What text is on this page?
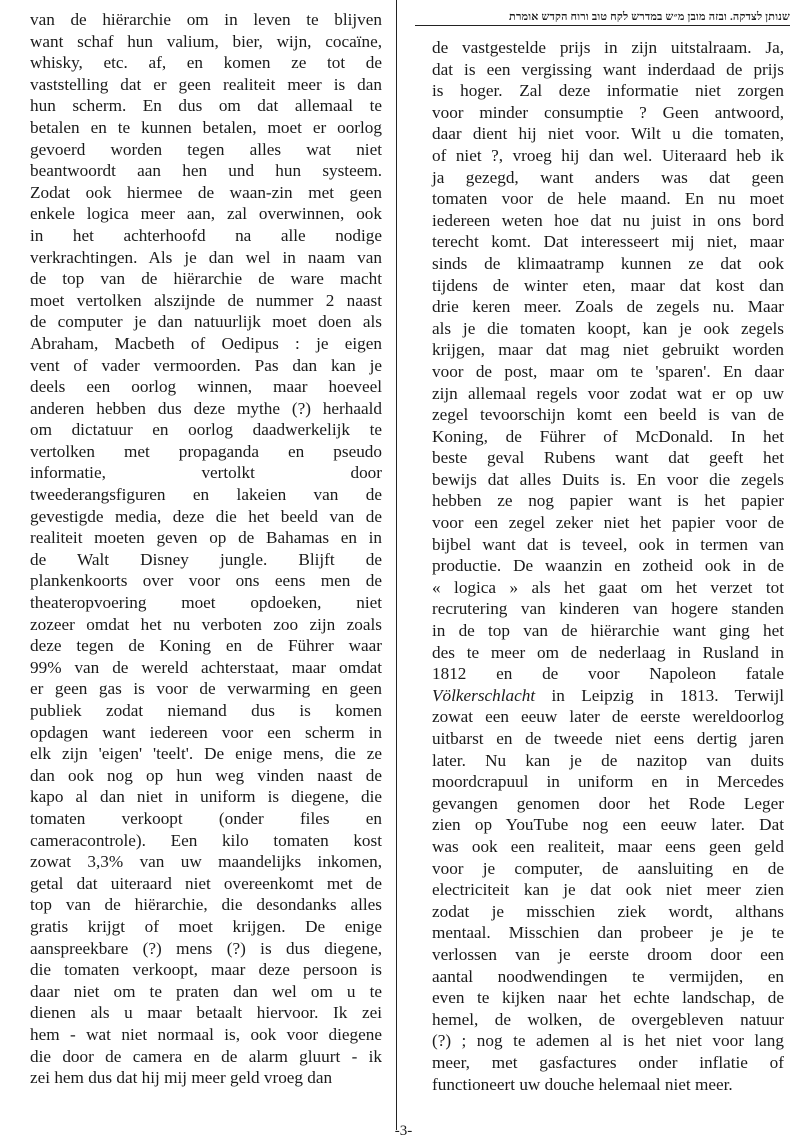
שנותן לצדקה. ובזה מובן מ״ש במדרש לקח טוב ורוח הקדש אומרת
van de hiërarchie om in leven te blijven
want schaf hun valium, bier, wijn, cocaïne,
whisky, etc. af, en komen ze tot de
vaststelling dat er geen realiteit meer is dan
hun scherm. En dus om dat allemaal te
betalen en te kunnen betalen, moet er oorlog
gevoerd worden tegen alles wat niet
beantwoordt aan hen und hun systeem.
Zodat ook hiermee de waan-zin met geen
enkele logica meer aan, zal overwinnen, ook
in het achterhoofd na alle nodige
verkrachtingen. Als je dan wel in naam van
de top van de hiërarchie de ware macht
moet vertolken alszijnde de nummer 2 naast
de computer je dan natuurlijk moet doen als
Abraham, Macbeth of Oedipus : je eigen
vent of vader vermoorden. Pas dan kan je
deels een oorlog winnen, maar hoeveel
anderen hebben dus deze mythe (?) herhaald
om dictatuur en oorlog daadwerkelijk te
vertolken met propaganda en pseudo
informatie, vertolkt door
tweederangsfiguren en lakeien van de
gevestigde media, deze die het beeld van de
realiteit moeten geven op de Bahamas en in
de Walt Disney jungle. Blijft de
plankenkoorts over voor ons eens men de
theateropvoering moet opdoeken, niet
zozeer omdat het nu verboten zoo zijn zoals
deze tegen de Koning en de Führer waar
99% van de wereld achterstaat, maar omdat
er geen gas is voor de verwarming en geen
publiek zodat niemand dus is komen
opdagen want iedereen voor een scherm in
elk zijn 'eigen' 'teelt'. De enige mens, die ze
dan ook nog op hun weg vinden naast de
kapo al dan niet in uniform is diegene, die
tomaten verkoopt (onder files en
cameracontrole). Een kilo tomaten kost
zowat 3,3% van uw maandelijks inkomen,
getal dat uiteraard niet overeenkomt met de
top van de hiërarchie, die desondanks alles
gratis krijgt of moet krijgen. De enige
aanspreekbare (?) mens (?) is dus diegene,
die tomaten verkoopt, maar deze persoon is
daar niet om te praten dan wel om u te
dienen als u maar betaalt hiervoor. Ik zei
hem - wat niet normaal is, ook voor diegene
die door de camera en de alarm gluurt - ik
zei hem dus dat hij mij meer geld vroeg dan
de vastgestelde prijs in zijn uitstalraam. Ja,
dat is een vergissing want inderdaad de prijs
is hoger. Zal deze informatie niet zorgen
voor minder consumptie ? Geen antwoord,
daar dient hij niet voor. Wilt u die tomaten,
of niet ?, vroeg hij dan wel. Uiteraard heb ik
ja gezegd, want anders was dat geen
tomaten voor de hele maand. En nu moet
iedereen weten hoe dat nu juist in ons bord
terecht komt. Dat interesseert mij niet, maar
sinds de klimaatramp kunnen ze dat ook
tijdens de winter eten, maar dat kost dan
drie keren meer. Zoals de zegels nu. Maar
als je die tomaten koopt, kan je ook zegels
krijgen, maar dat mag niet gebruikt worden
voor de post, maar om te 'sparen'. En daar
zijn allemaal regels voor zodat wat er op uw
zegel tevoorschijn komt een beeld is van de
Koning, de Führer of McDonald. In het
beste geval Rubens want dat geeft het
bewijs dat alles Duits is. En voor die zegels
hebben ze nog papier want is het papier
voor een zegel zeker niet het papier voor de
bijbel want dat is teveel, ook in termen van
productie. De waanzin en zotheid ook in de
« logica » als het gaat om het verzet tot
recrutering van kinderen van hogere standen
in de top van de hiërarchie want ging het
des te meer om de nederlaag in Rusland in
1812 en de voor Napoleon fatale
Völkerschlacht in Leipzig in 1813. Terwijl
zowat een eeuw later de eerste wereldoorlog
uitbarst en de tweede niet eens dertig jaren
later. Nu kan je de nazitop van duits
moordcrapuul in uniform en in Mercedes
gevangen genomen door het Rode Leger
zien op YouTube nog een eeuw later. Dat
was ook een realiteit, maar eens geen geld
voor je computer, de aansluiting en de
electriciteit kan je dat ook niet meer zien
zodat je misschien ziek wordt, althans
mentaal. Misschien dan probeer je je te
verlossen van je eerste droom door een
aantal noodwendingen te vermijden, en
even te kijken naar het echte landschap, de
hemel, de wolken, de overgebleven natuur
(?) ; nog te ademen al is het niet voor lang
meer, met gasfactures onder inflatie of
functioneert uw douche helemaal niet meer.
-3-
